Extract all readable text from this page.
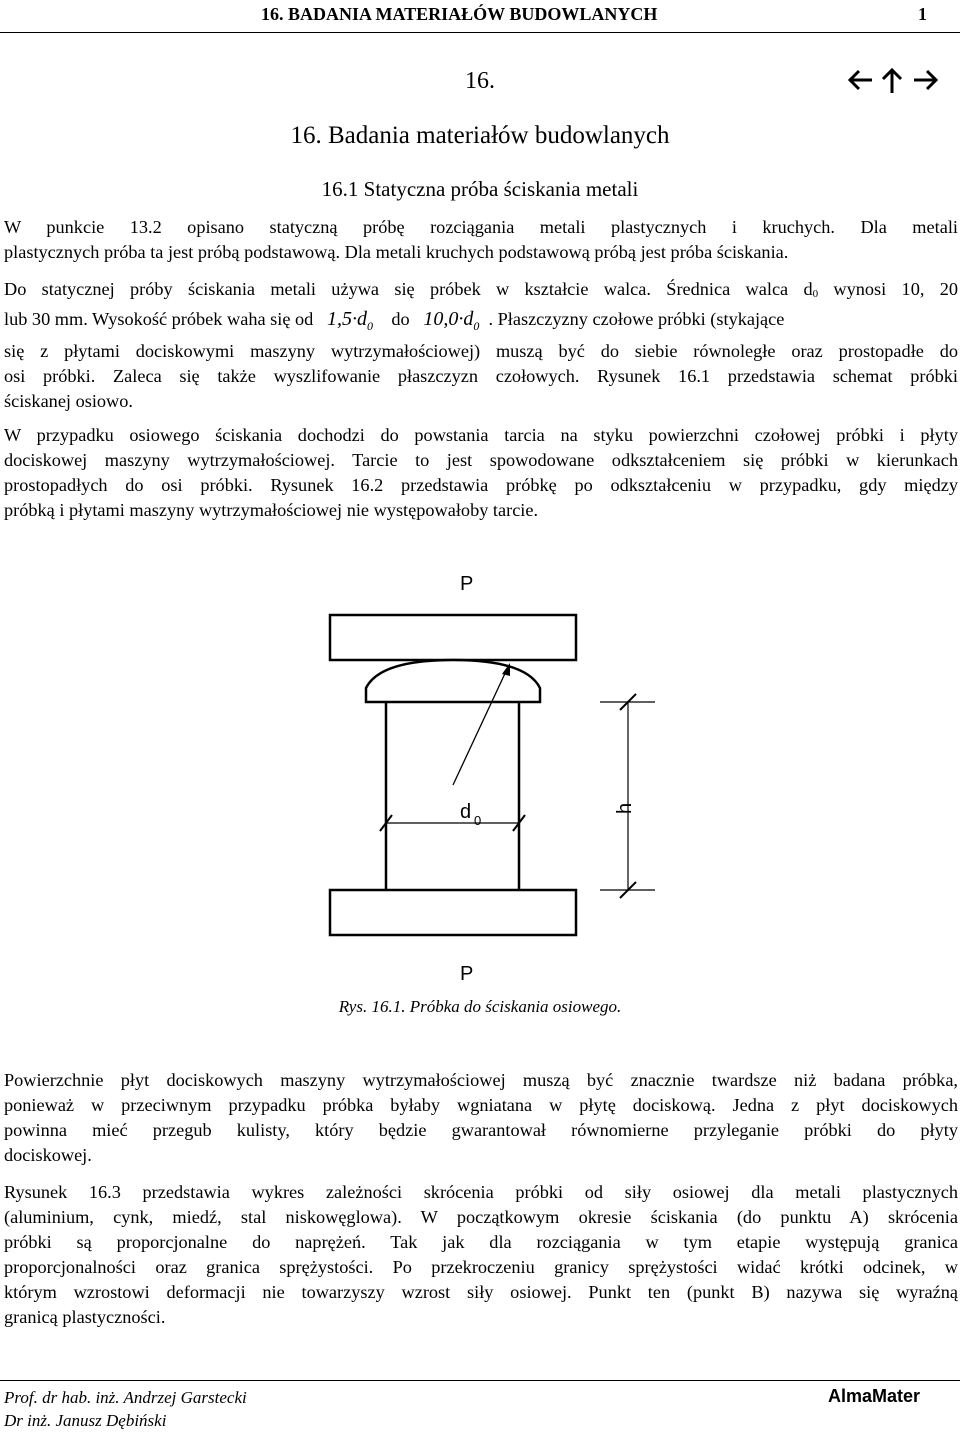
16. BADANIA MATERIAŁÓW BUDOWLANYCH	1
16.
16. Badania materiałów budowlanych
16.1 Statyczna próba ściskania metali
W punkcie 13.2 opisano statyczną próbę rozciągania metali plastycznych i kruchych. Dla metali
plastycznych próba ta jest próbą podstawową. Dla metali kruchych podstawową próbą jest próba ściskania.
Do statycznej próby ściskania metali używa się próbek w kształcie walca. Średnica walca d0 wynosi 10, 20
lub 30 mm. Wysokość próbek waha się od $1,5\cdot d_0$ do $10,0\cdot d_0$ . Płaszczyzny czołowe próbki (stykające
się z płytami dociskowymi maszyny wytrzymałościowej) muszą być do siebie równoległe oraz prostopadłe do
osi próbki. Zaleca się także wyszlifowanie płaszczyzn czołowych. Rysunek 16.1 przedstawia schemat próbki
ściskanej osiowo.
W przypadku osiowego ściskania dochodzi do powstania tarcia na styku powierzchni czołowej próbki i płyty
dociskowej maszyny wytrzymałościowej. Tarcie to jest spowodowane odkształceniem się próbki w kierunkach
prostopadłych do osi próbki. Rysunek 16.2 przedstawia próbkę po odkształceniu w przypadku, gdy między
próbką i płytami maszyny wytrzymałościowej nie występowałoby tarcie.
P
d 0
h
P
Rys. 16.1. Próbka do ściskania osiowego.
Powierzchnie płyt dociskowych maszyny wytrzymałościowej muszą być znacznie twardsze niż badana próbka,
ponieważ w przeciwnym przypadku próbka byłaby wgniatana w płytę dociskową. Jedna z płyt dociskowych
powinna mieć przegub kulisty, który będzie gwarantował równomierne przyleganie próbki do płyty
dociskowej.
Rysunek 16.3 przedstawia wykres zależności skrócenia próbki od siły osiowej dla metali plastycznych
(aluminium, cynk, miedź, stal niskowęglowa). W początkowym okresie ściskania (do punktu A) skrócenia
próbki są proporcjonalne do naprężeń. Tak jak dla rozciągania w tym etapie występują granica
proporcjonalności oraz granica sprężystości. Po przekroczeniu granicy sprężystości widać krótki odcinek, w
którym wzrostowi deformacji nie towarzyszy wzrost siły osiowej. Punkt ten (punkt B) nazywa się wyraźną
granicą plastyczności.
Prof. dr hab. inż. Andrzej Garstecki
Dr inż. Janusz Dębiński
AlmaMater
